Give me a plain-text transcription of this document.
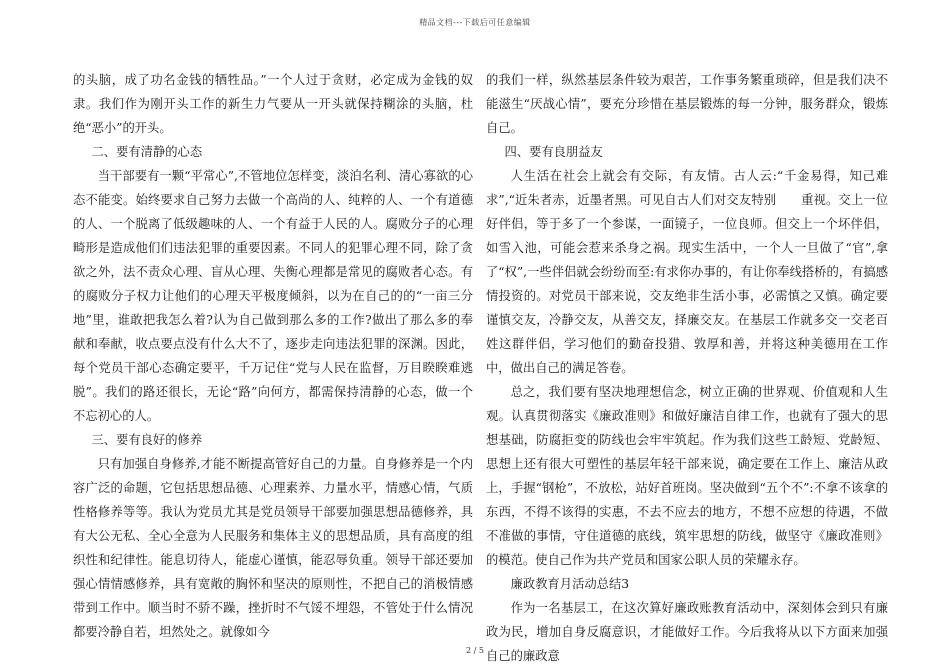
精品文档---下载后可任意编辑

的头脑，成了功名金钱的牺牲品。”一个人过于贪财，必定成为金钱的奴隶。我们作为刚开头工作的新生力气要从一开头就保持糊涂的头脑，杜绝“恶小”的开头。

二、要有清静的心态

当干部要有一颗“平常心”,不管地位怎样变，淡泊名利、清心寡欲的心态不能变。始终要求自己努力去做一个高尚的人、纯粹的人、一个有道德的人、一个脱离了低级趣味的人、一个有益于人民的人。腐败分子的心理畸形是造成他们们违法犯罪的重要因素。不同人的犯罪心理不同，除了贪欲之外，法不责众心理、盲从心理、失衡心理都是常见的腐败者心态。有的腐败分子权力让他们的心理天平极度倾斜，以为在自己的的“一亩三分地”里，谁敢把我怎么着?认为自己做到那么多的工作?做出了那么多的奉献和奉献，收点要点没有什么大不了，逐步走向违法犯罪的深渊。因此，每个党员干部心态确定要平，千万记住“党与人民在监督，万目睽睽难逃脱”。我们的路还很长，无论“路”向何方，都需保持清静的心态，做一个不忘初心的人。

三、要有良好的修养

只有加强自身修养,才能不断提高管好自己的力量。自身修养是一个内容广泛的命题，它包括思想品德、心理素养、力量水平，情感心情，气质性格修养等等。我认为党员尤其是党员领导干部要加强思想品德修养，具有大公无私、全心全意为人民服务和集体主义的思想品质，具有高度的组织性和纪律性。能息切待人，能虚心谨慎，能忍辱负重。领导干部还要加强心情情感修养，具有宽敞的胸怀和坚决的原则性，不把自己的消极情感带到工作中。顺当时不骄不躁，挫折时不气馁不埋怨，不管处于什么情况都要冷静自若，坦然处之。就像如今

的我们一样，纵然基层条件较为艰苦，工作事务繁重琐碎，但是我们决不能滋生“厌战心情”，要充分珍惜在基层锻炼的每一分钟，服务群众，锻炼自己。

四、要有良朋益友

人生活在社会上就会有交际，有友情。古人云:“千金易得，知己难求”,“近朱者赤，近墨者黑。可见自古人们对交友特别　　重视。交上一位好伴侣，等于多了一个参谋，一面镜子，一位良师。但交上一个坏伴侣，如雪入池，可能会惹来杀身之祸。现实生活中，一个人一旦做了“官”,拿了“权”,一些伴侣就会纷纷而至:有求你办事的，有让你奉线搭桥的，有搞感情投资的。对党员干部来说，交友绝非生活小事，必需慎之又慎。确定要谨慎交友，冷静交友，从善交友，择廉交友。在基层工作就多交一交老百姓这群伴侣，学习他们的勤奋投猎、敦厚和善，并将这种美德用在工作中，做出自己的满足答卷。

总之，我们要有坚决地理想信念，树立正确的世界观、价值观和人生观。认真贯彻落实《廉政准则》和做好廉洁自律工作，也就有了强大的思想基础，防腐拒变的防线也会牢牢筑起。作为我们这些工龄短、党龄短、思想上还有很大可塑性的基层年轻干部来说，确定要在工作上、廉洁从政上，手握“钢枪”，不放松，站好首班岗。坚决做到“五个不”:不拿不该拿的东西，不得不该得的实惠，不去不应去的地方，不想不应想的待遇，不做不准做的事情，守住道德的底线，筑牢思想的防线，做坚守《廉政准则》的模范。使自己作为共产党员和国家公职人员的荣耀永存。

廉政教育月活动总结3

作为一名基层工，在这次算好廉政账教育活动中，深刻体会到只有廉政为民，增加自身反腐意识，才能做好工作。今后我将从以下方面来加强自己的廉政意

2 / 5
